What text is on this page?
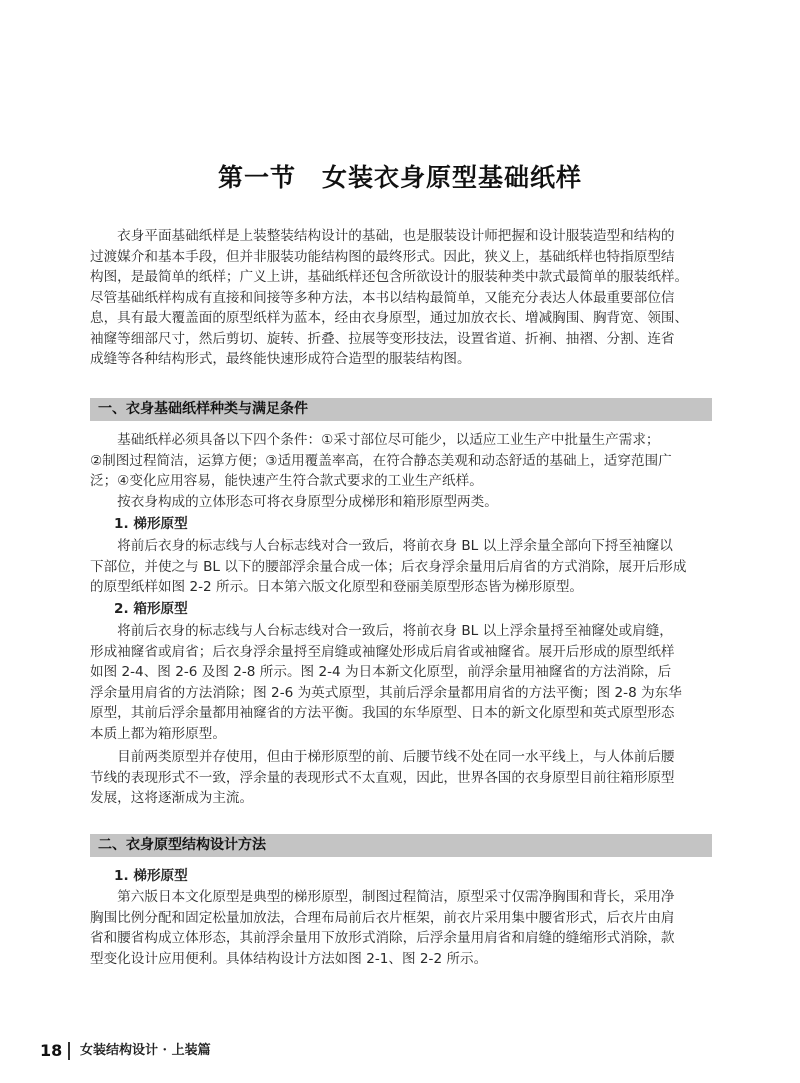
第一节　女装衣身原型基础纸样
　　衣身平面基础纸样是上装整装结构设计的基础，也是服装设计师把握和设计服装造型和结构的
过渡媒介和基本手段，但并非服装功能结构图的最终形式。因此，狭义上，基础纸样也特指原型结
构图，是最简单的纸样；广义上讲，基础纸样还包含所欲设计的服装种类中款式最简单的服装纸样。
尽管基础纸样构成有直接和间接等多种方法，本书以结构最简单，又能充分表达人体最重要部位信
息，具有最大覆盖面的原型纸样为蓝本，经由衣身原型，通过加放衣长、增减胸围、胸背宽、领围、
袖窿等细部尺寸，然后剪切、旋转、折叠、拉展等变形技法，设置省道、折裥、抽褶、分割、连省
成缝等各种结构形式，最终能快速形成符合造型的服装结构图。
一、衣身基础纸样种类与满足条件
　　基础纸样必须具备以下四个条件：①采寸部位尽可能少，以适应工业生产中批量生产需求；
②制图过程简洁，运算方便；③适用覆盖率高，在符合静态美观和动态舒适的基础上，适穿范围广
泛；④变化应用容易，能快速产生符合款式要求的工业生产纸样。
　　按衣身构成的立体形态可将衣身原型分成梯形和箱形原型两类。
1. 梯形原型
　　将前后衣身的标志线与人台标志线对合一致后，将前衣身 BL 以上浮余量全部向下捋至袖窿以
下部位，并使之与 BL 以下的腰部浮余量合成一体；后衣身浮余量用后肩省的方式消除，展开后形成
的原型纸样如图 2-2 所示。日本第六版文化原型和登丽美原型形态皆为梯形原型。
2. 箱形原型
　　将前后衣身的标志线与人台标志线对合一致后，将前衣身 BL 以上浮余量捋至袖窿处或肩缝，
形成袖窿省或肩省；后衣身浮余量捋至肩缝或袖窿处形成后肩省或袖窿省。展开后形成的原型纸样
如图 2-4、图 2-6 及图 2-8 所示。图 2-4 为日本新文化原型，前浮余量用袖窿省的方法消除，后
浮余量用肩省的方法消除；图 2-6 为英式原型，其前后浮余量都用肩省的方法平衡；图 2-8 为东华
原型，其前后浮余量都用袖窿省的方法平衡。我国的东华原型、日本的新文化原型和英式原型形态
本质上都为箱形原型。
　　目前两类原型并存使用，但由于梯形原型的前、后腰节线不处在同一水平线上，与人体前后腰
节线的表现形式不一致，浮余量的表现形式不太直观，因此，世界各国的衣身原型目前往箱形原型
发展，这将逐渐成为主流。
二、衣身原型结构设计方法
1. 梯形原型
　　第六版日本文化原型是典型的梯形原型，制图过程简洁，原型采寸仅需净胸围和背长，采用净
胸围比例分配和固定松量加放法，合理布局前后衣片框架，前衣片采用集中腰省形式，后衣片由肩
省和腰省构成立体形态，其前浮余量用下放形式消除，后浮余量用肩省和肩缝的缝缩形式消除，款
型变化设计应用便利。具体结构设计方法如图 2-1、图 2-2 所示。
18 女装结构设计 · 上装篇
